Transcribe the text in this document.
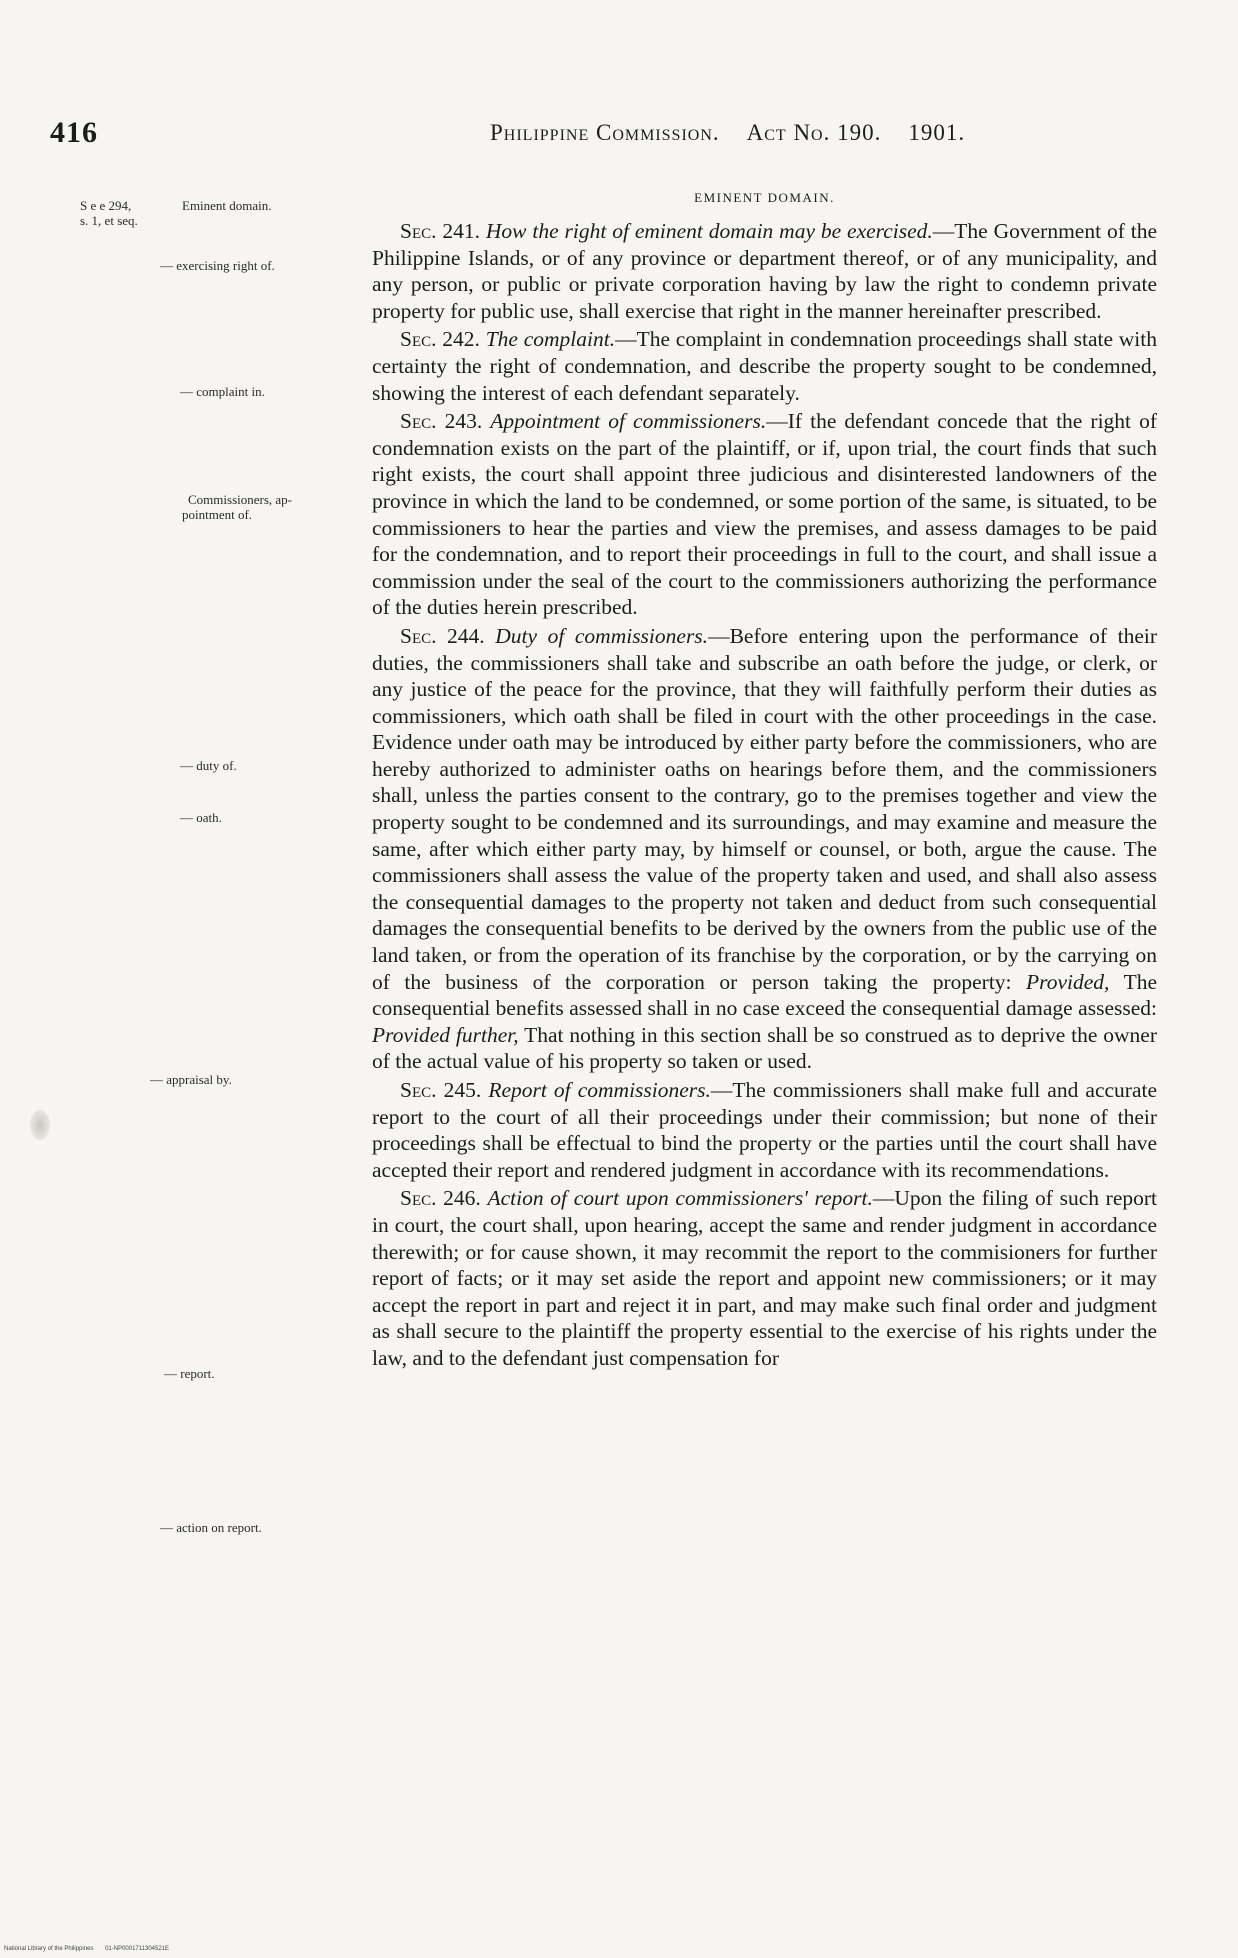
416	Philippine Commission. Act No. 190. 1901.
S e e 294,
s. 1, et seq.
Eminent domain.
— exercising right of.
— complaint in.
Commissioners, ap-
pointment of.
— duty of.
— oath.
— appraisal by.
— report.
— action on report.
EMINENT DOMAIN.

Sec. 241. How the right of eminent domain may be exercised.—The Government of the Philippine Islands, or of any province or department thereof, or of any municipality, and any person, or public or private corporation having by law the right to condemn private property for public use, shall exercise that right in the manner hereinafter prescribed.

Sec. 242. The complaint.—The complaint in condemnation proceedings shall state with certainty the right of condemnation, and describe the property sought to be condemned, showing the interest of each defendant separately.

Sec. 243. Appointment of commissioners.—If the defendant concede that the right of condemnation exists on the part of the plaintiff, or if, upon trial, the court finds that such right exists, the court shall appoint three judicious and disinterested landowners of the province in which the land to be condemned, or some portion of the same, is situated, to be commissioners to hear the parties and view the premises, and assess damages to be paid for the condemnation, and to report their proceedings in full to the court, and shall issue a commission under the seal of the court to the commissioners authorizing the performance of the duties herein prescribed.

Sec. 244. Duty of commissioners.—Before entering upon the performance of their duties, the commissioners shall take and subscribe an oath before the judge, or clerk, or any justice of the peace for the province, that they will faithfully perform their duties as commissioners, which oath shall be filed in court with the other proceedings in the case. Evidence under oath may be introduced by either party before the commissioners, who are hereby authorized to administer oaths on hearings before them, and the commissioners shall, unless the parties consent to the contrary, go to the premises together and view the property sought to be condemned and its surroundings, and may examine and measure the same, after which either party may, by himself or counsel, or both, argue the cause. The commissioners shall assess the value of the property taken and used, and shall also assess the consequential damages to the property not taken and deduct from such consequential damages the consequential benefits to be derived by the owners from the public use of the land taken, or from the operation of its franchise by the corporation, or by the carrying on of the business of the corporation or person taking the property: Provided, The consequential benefits assessed shall in no case exceed the consequential damage assessed: Provided further, That nothing in this section shall be so construed as to deprive the owner of the actual value of his property so taken or used.

Sec. 245. Report of commissioners.—The commissioners shall make full and accurate report to the court of all their proceedings under their commission; but none of their proceedings shall be effectual to bind the property or the parties until the court shall have accepted their report and rendered judgment in accordance with its recommendations.

Sec. 246. Action of court upon commissioners' report.—Upon the filing of such report in court, the court shall, upon hearing, accept the same and render judgment in accordance therewith; or for cause shown, it may recommit the report to the commisioners for further report of facts; or it may set aside the report and appoint new commissioners; or it may accept the report in part and reject it in part, and may make such final order and judgment as shall secure to the plaintiff the property essential to the exercise of his rights under the law, and to the defendant just compensation for

National Library of the Philippines 01-NP0001711304521E
